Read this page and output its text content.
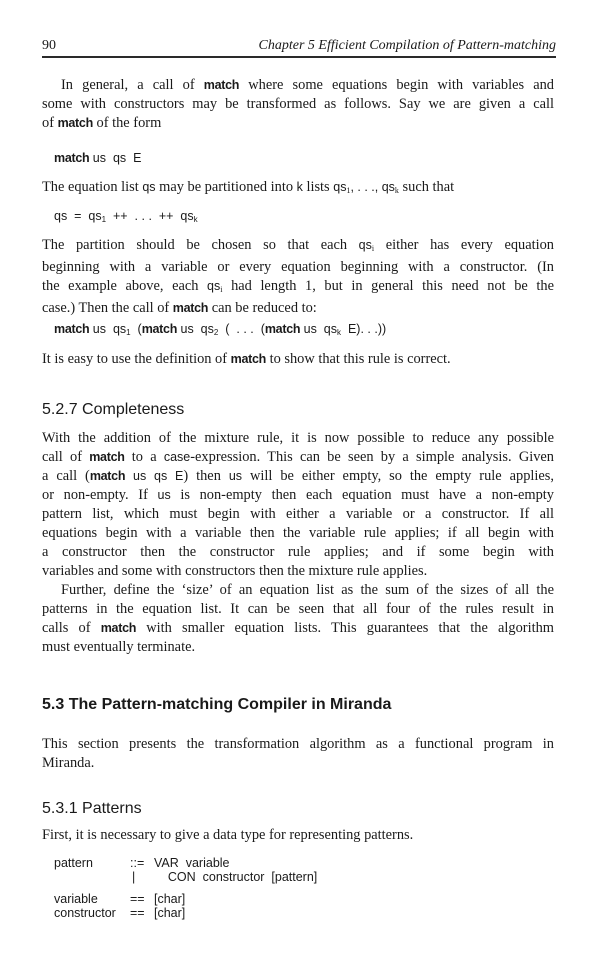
90	Chapter 5 Efficient Compilation of Pattern-matching

In general, a call of match where some equations begin with variables and
some with constructors may be transformed as follows. Say we are given a call
of match of the form

match us  qs  E

The equation list qs may be partitioned into k lists $qs_1$, . . ., $qs_k$ such that

qs  =  $qs_1$  ++  . . .  ++  $qs_k$

The partition should be chosen so that each $qs_i$ either has every equation
beginning with a variable or every equation beginning with a constructor. (In
the example above, each $qs_i$ had length 1, but in general this need not be the
case.) Then the call of match can be reduced to:

match us  $qs_1$  (match us  $qs_2$  (  . . .  (match us  $qs_k$  E). . .))

It is easy to use the definition of match to show that this rule is correct.

5.2.7 Completeness

With the addition of the mixture rule, it is now possible to reduce any possible
call of match to a case-expression. This can be seen by a simple analysis. Given
a call (match us qs E) then us will be either empty, so the empty rule applies,
or non-empty. If us is non-empty then each equation must have a non-empty
pattern list, which must begin with either a variable or a constructor. If all
equations begin with a variable then the variable rule applies; if all begin with
a constructor then the constructor rule applies; and if some begin with
variables and some with constructors then the mixture rule applies.

Further, define the ‘size’ of an equation list as the sum of the sizes of all the
patterns in the equation list. It can be seen that all four of the rules result in
calls of match with smaller equation lists. This guarantees that the algorithm
must eventually terminate.

5.3 The Pattern-matching Compiler in Miranda

This section presents the transformation algorithm as a functional program in
Miranda.

5.3.1 Patterns

First, it is necessary to give a data type for representing patterns.

pattern	::= VAR  variable
|	CON  constructor  [pattern]
variable	== [char]
constructor	== [char]
